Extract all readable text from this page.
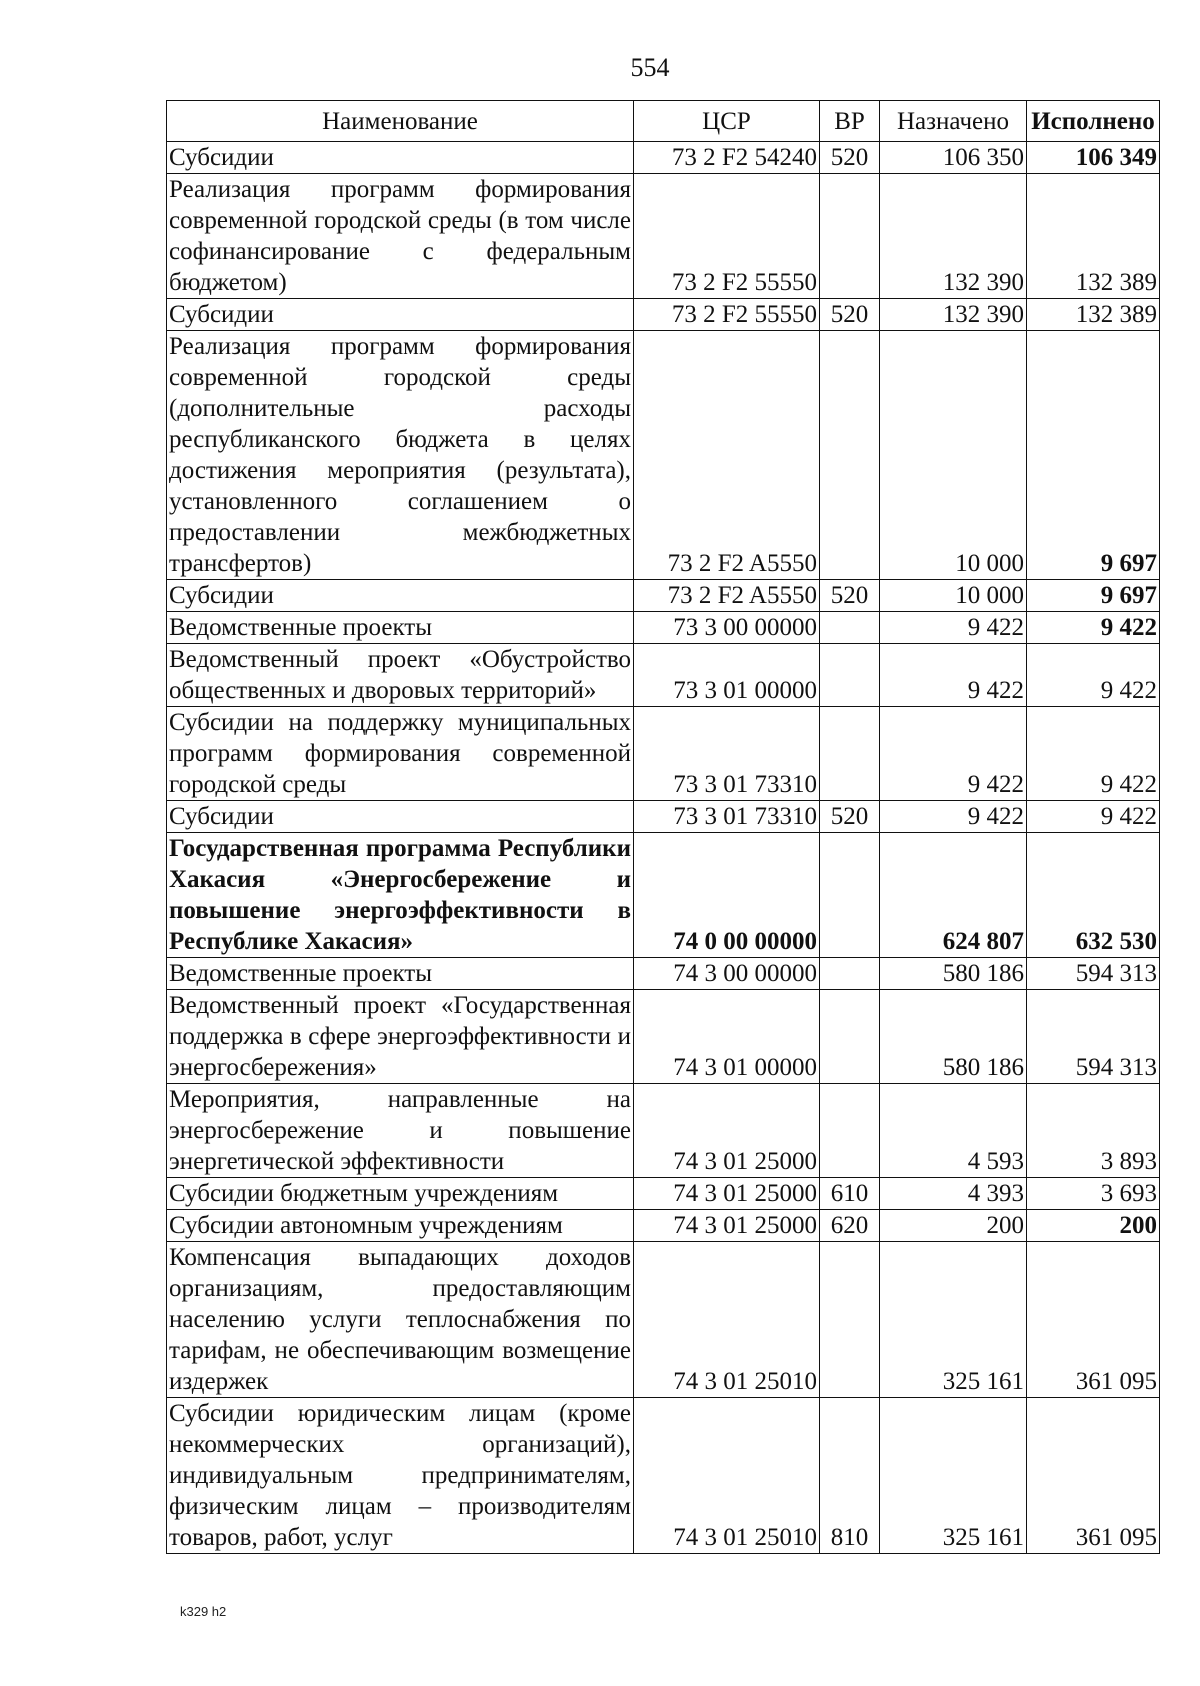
554
Наименование	ЦСР	ВР	Назначено	Исполнено
Субсидии	73 2 F2 54240	520	106 350	106 349
Реализация программ формирования современной городской среды (в том числе софинансирование с федеральным бюджетом)	73 2 F2 55550		132 390	132 389
Субсидии	73 2 F2 55550	520	132 390	132 389
Реализация программ формирования современной городской среды (дополнительные расходы республиканского бюджета в целях достижения мероприятия (результата), установленного соглашением о предоставлении межбюджетных трансфертов)	73 2 F2 A5550		10 000	9 697
Субсидии	73 2 F2 A5550	520	10 000	9 697
Ведомственные проекты	73 3 00 00000		9 422	9 422
Ведомственный проект «Обустройство общественных и дворовых территорий»	73 3 01 00000		9 422	9 422
Субсидии на поддержку муниципальных программ формирования современной городской среды	73 3 01 73310		9 422	9 422
Субсидии	73 3 01 73310	520	9 422	9 422
Государственная программа Республики Хакасия «Энергосбережение и повышение энергоэффективности в Республике Хакасия»	74 0 00 00000		624 807	632 530
Ведомственные проекты	74 3 00 00000		580 186	594 313
Ведомственный проект «Государственная поддержка в сфере энергоэффективности и энергосбережения»	74 3 01 00000		580 186	594 313
Мероприятия, направленные на энергосбережение и повышение энергетической эффективности	74 3 01 25000		4 593	3 893
Субсидии бюджетным учреждениям	74 3 01 25000	610	4 393	3 693
Субсидии автономным учреждениям	74 3 01 25000	620	200	200
Компенсация выпадающих доходов организациям, предоставляющим населению услуги теплоснабжения по тарифам, не обеспечивающим возмещение издержек	74 3 01 25010		325 161	361 095
Субсидии юридическим лицам (кроме некоммерческих организаций), индивидуальным предпринимателям, физическим лицам – производителям товаров, работ, услуг	74 3 01 25010	810	325 161	361 095
k329 h2
